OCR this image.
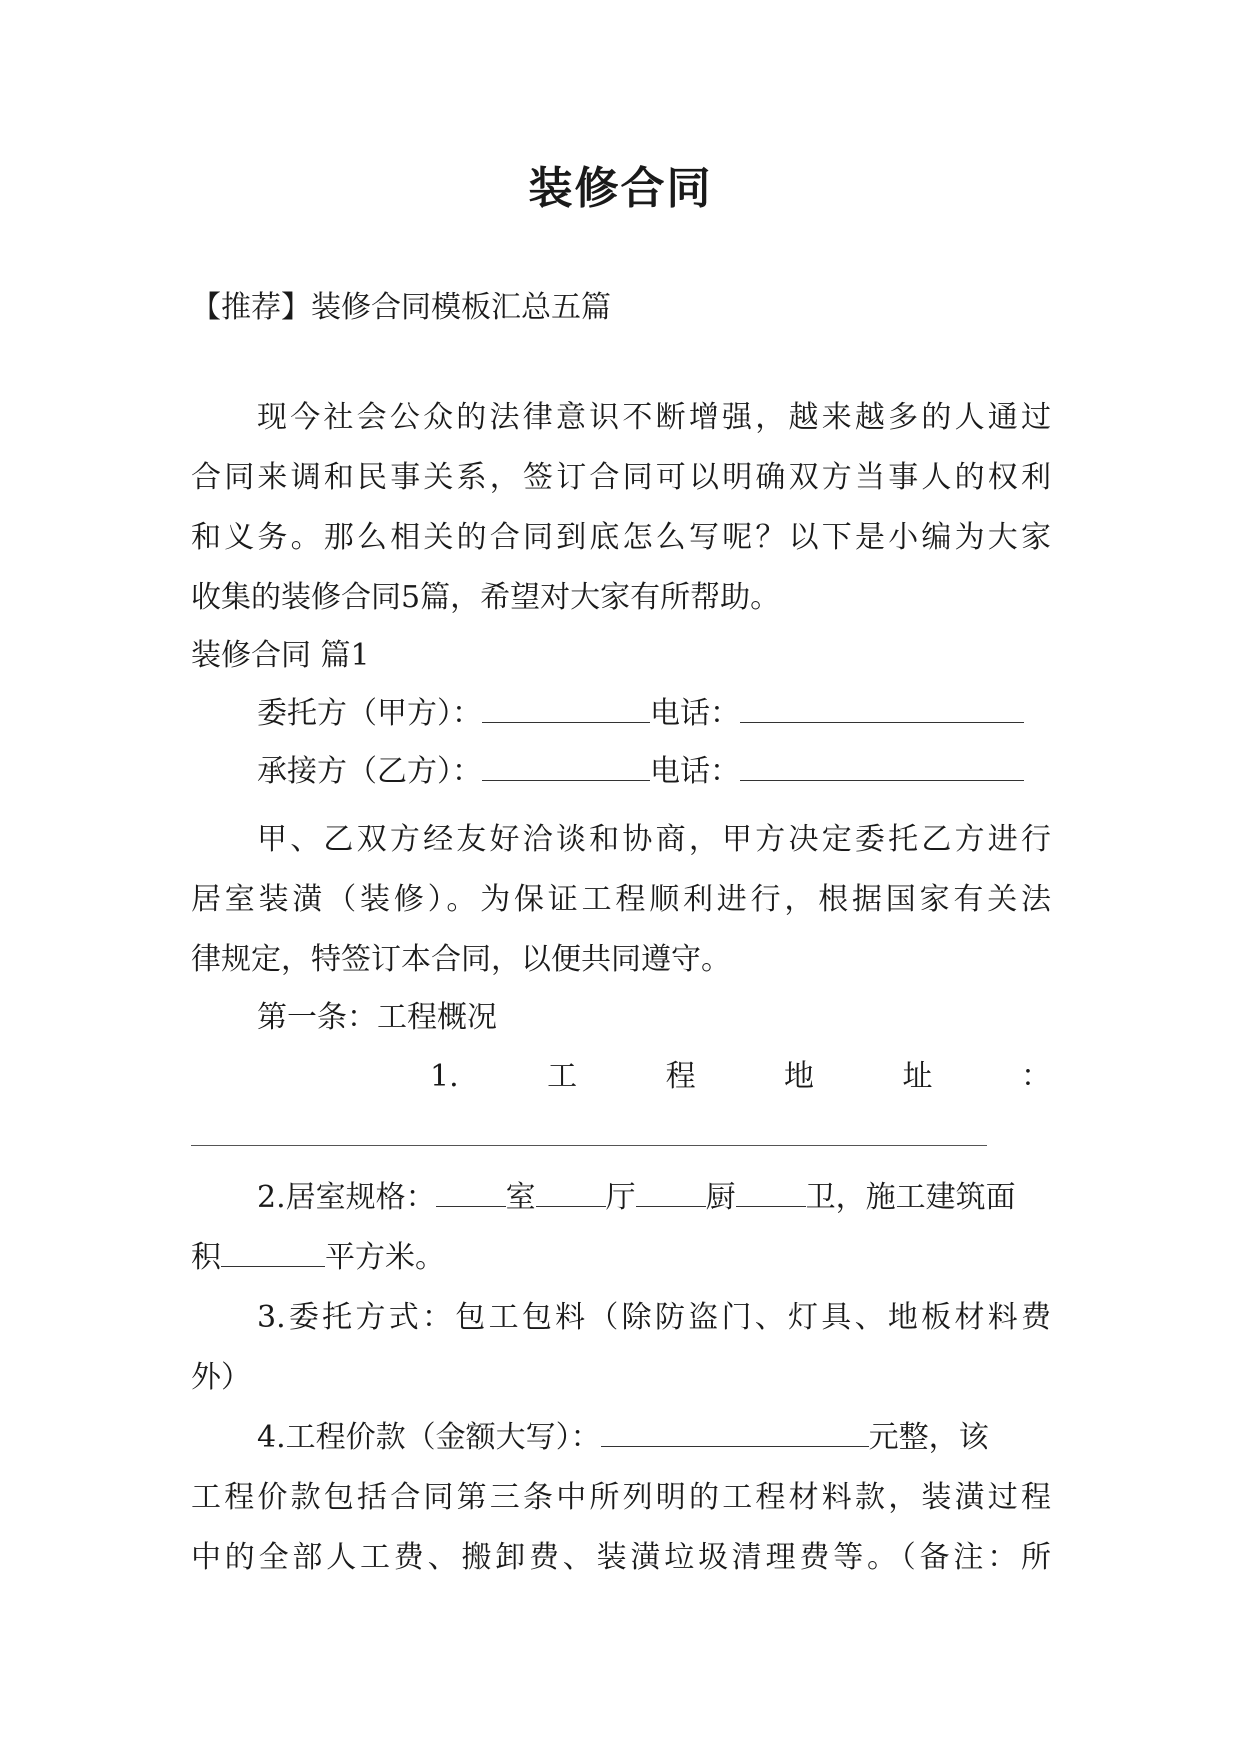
装修合同

【推荐】装修合同模板汇总五篇

现今社会公众的法律意识不断增强，越来越多的人通过

合同来调和民事关系，签订合同可以明确双方当事人的权利

和义务。那么相关的合同到底怎么写呢？以下是小编为大家

收集的装修合同5篇，希望对大家有所帮助。

装修合同 篇1

委托方（甲方）：	电话：

承接方（乙方）：	电话：

甲、乙双方经友好洽谈和协商，甲方决定委托乙方进行

居室装潢（装修）。为保证工程顺利进行，根据国家有关法

律规定，特签订本合同，以便共同遵守。

第一条：工程概况

1.	工	程	地	址	：

2.居室规格： 室 厅 厨 卫，施工建筑面

积	平方米。

3.委托方式：包工包料（除防盗门、灯具、地板材料费

外）

4.工程价款（金额大写）：	元整，该

工程价款包括合同第三条中所列明的工程材料款，装潢过程

中的全部人工费、搬卸费、装潢垃圾清理费等。（备注：所
